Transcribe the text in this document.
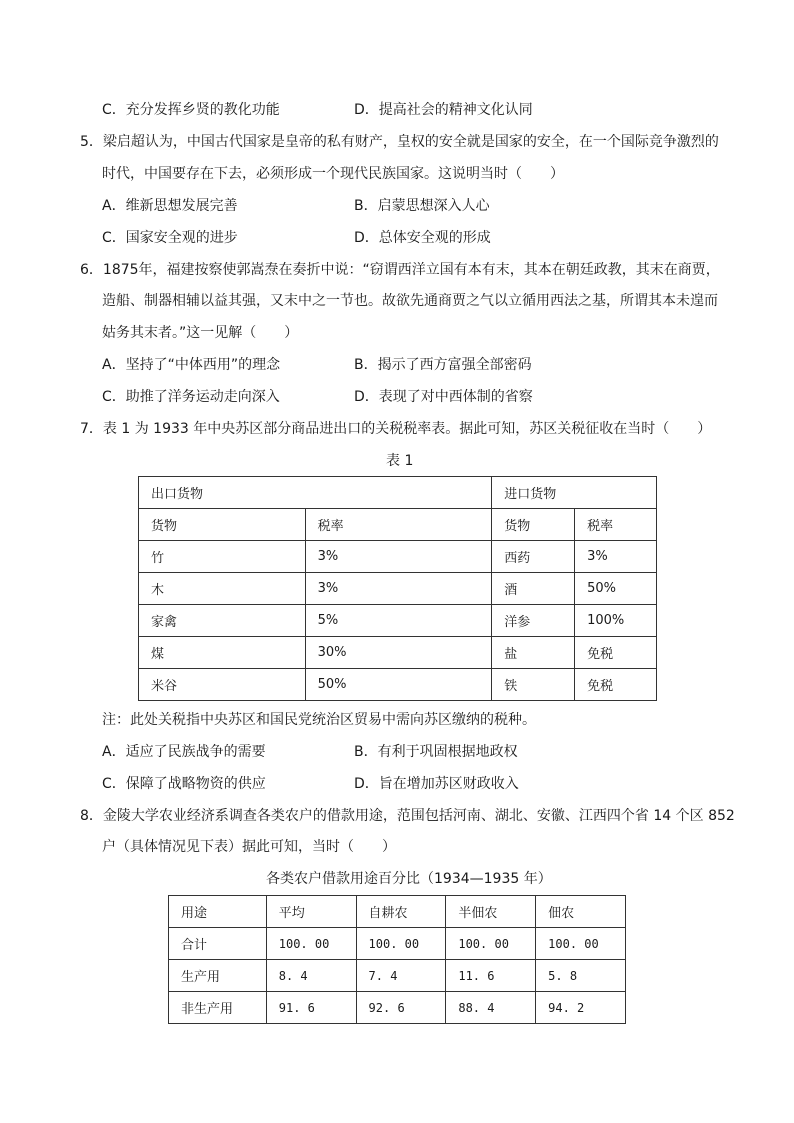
C．充分发挥乡贤的教化功能	D．提高社会的精神文化认同
5．梁启超认为，中国古代国家是皇帝的私有财产，皇权的安全就是国家的安全，在一个国际竞争激烈的
时代，中国要存在下去，必须形成一个现代民族国家。这说明当时（　　）
A．维新思想发展完善	B．启蒙思想深入人心
C．国家安全观的进步	D．总体安全观的形成
6．1875年，福建按察使郭嵩焘在奏折中说：“窃谓西洋立国有本有末，其本在朝廷政教，其末在商贾，
造船、制器相辅以益其强，又末中之一节也。故欲先通商贾之气以立循用西法之基，所谓其本未遑而
姑务其末者。”这一见解（　　）
A．坚持了“中体西用”的理念	B．揭示了西方富强全部密码
C．助推了洋务运动走向深入	D．表现了对中西体制的省察
7．表 1 为 1933 年中央苏区部分商品进出口的关税税率表。据此可知，苏区关税征收在当时（　　）
表 1
出口货物		进口货物	
货物	税率	货物	税率
竹	3%	西药	3%
木	3%	酒	50%
家禽	5%	洋参	100%
煤	30%	盐	免税
米谷	50%	铁	免税
注：此处关税指中央苏区和国民党统治区贸易中需向苏区缴纳的税种。
A．适应了民族战争的需要	B．有利于巩固根据地政权
C．保障了战略物资的供应	D．旨在增加苏区财政收入
8．金陵大学农业经济系调查各类农户的借款用途，范围包括河南、湖北、安徽、江西四个省 14 个区 852
户（具体情况见下表）据此可知，当时（　　）
各类农户借款用途百分比（1934—1935 年）
用途	平均	自耕农	半佃农	佃农
合计	100. 00	100. 00	100. 00	100. 00
生产用	8. 4	7. 4	11. 6	5. 8
非生产用	91. 6	92. 6	88. 4	94. 2
